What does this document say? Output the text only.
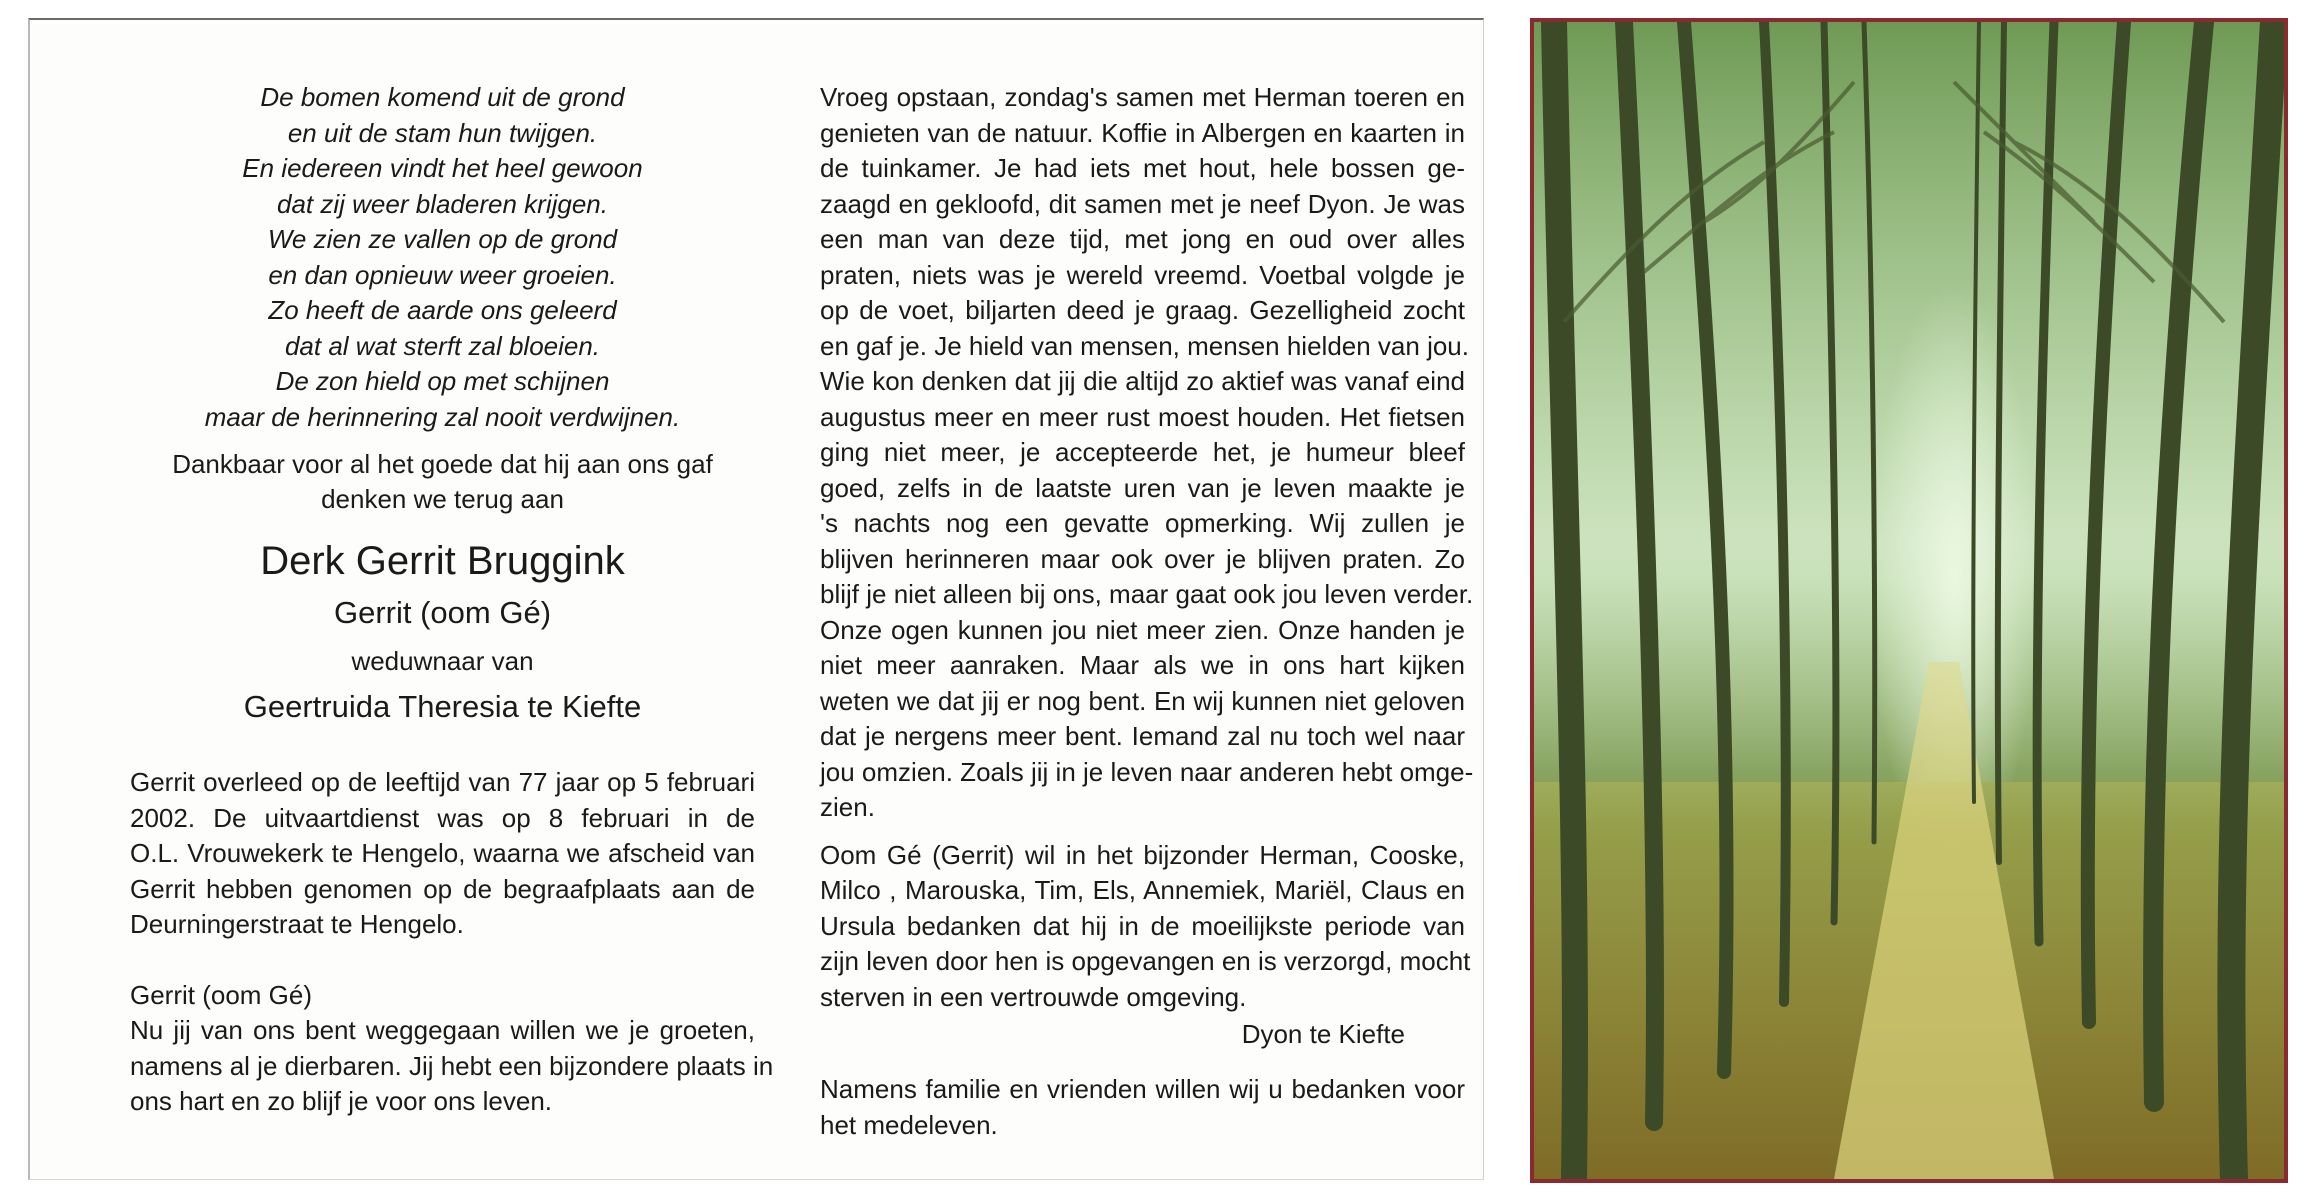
De bomen komend uit de grond
en uit de stam hun twijgen.
En iedereen vindt het heel gewoon
dat zij weer bladeren krijgen.
We zien ze vallen op de grond
en dan opnieuw weer groeien.
Zo heeft de aarde ons geleerd
dat al wat sterft zal bloeien.
De zon hield op met schijnen
maar de herinnering zal nooit verdwijnen.

Dankbaar voor al het goede dat hij aan ons gaf

denken we terug aan

Derk Gerrit Bruggink

Gerrit (oom Gé)

weduwnaar van

Geertruida Theresia te Kiefte

Gerrit overleed op de leeftijd van 77 jaar op 5 februari
2002. De uitvaartdienst was op 8 februari in de
O.L. Vrouwekerk te Hengelo, waarna we afscheid van
Gerrit hebben genomen op de begraafplaats aan de
Deurningerstraat te Hengelo.
Gerrit (oom Gé)
Nu jij van ons bent weggegaan willen we je groeten,
namens al je dierbaren. Jij hebt een bijzondere plaats in
ons hart en zo blijf je voor ons leven.
Vroeg opstaan, zondag's samen met Herman toeren en
genieten van de natuur. Koffie in Albergen en kaarten in
de tuinkamer. Je had iets met hout, hele bossen ge-
zaagd en gekloofd, dit samen met je neef Dyon. Je was
een man van deze tijd, met jong en oud over alles
praten, niets was je wereld vreemd. Voetbal volgde je
op de voet, biljarten deed je graag. Gezelligheid zocht
en gaf je. Je hield van mensen, mensen hielden van jou.
Wie kon denken dat jij die altijd zo aktief was vanaf eind
augustus meer en meer rust moest houden. Het fietsen
ging niet meer, je accepteerde het, je humeur bleef
goed, zelfs in de laatste uren van je leven maakte je
's nachts nog een gevatte opmerking. Wij zullen je
blijven herinneren maar ook over je blijven praten. Zo
blijf je niet alleen bij ons, maar gaat ook jou leven verder.
Onze ogen kunnen jou niet meer zien. Onze handen je
niet meer aanraken. Maar als we in ons hart kijken
weten we dat jij er nog bent. En wij kunnen niet geloven
dat je nergens meer bent. Iemand zal nu toch wel naar
jou omzien. Zoals jij in je leven naar anderen hebt omge-
zien.
Oom Gé (Gerrit) wil in het bijzonder Herman, Cooske,
Milco , Marouska, Tim, Els, Annemiek, Mariël, Claus en
Ursula bedanken dat hij in de moeilijkste periode van
zijn leven door hen is opgevangen en is verzorgd, mocht
sterven in een vertrouwde omgeving.

Dyon te Kiefte

Namens familie en vrienden willen wij u bedanken voor
het medeleven.
